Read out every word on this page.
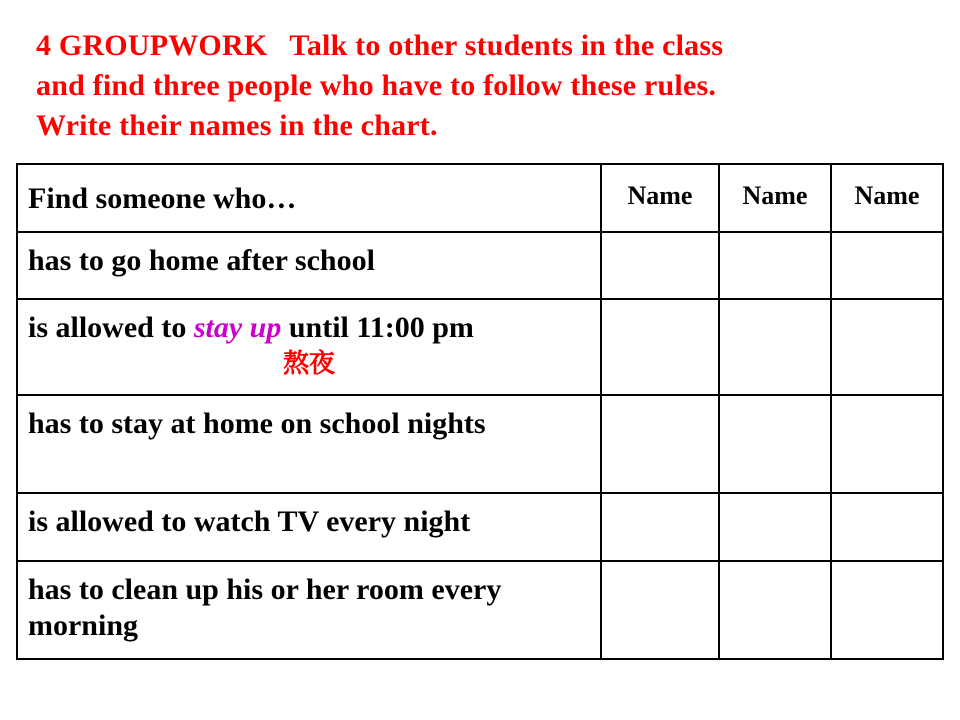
4 GROUPWORK Talk to other students in the class
and find three people who have to follow these rules.
Write their names in the chart.
Find someone who…	Name	Name	Name
has to go home after school			
is allowed to stay up until 11:00 pm
熬夜			

has to stay at home on school nights			
is allowed to watch TV every night			
has to clean up his or her room every morning			
